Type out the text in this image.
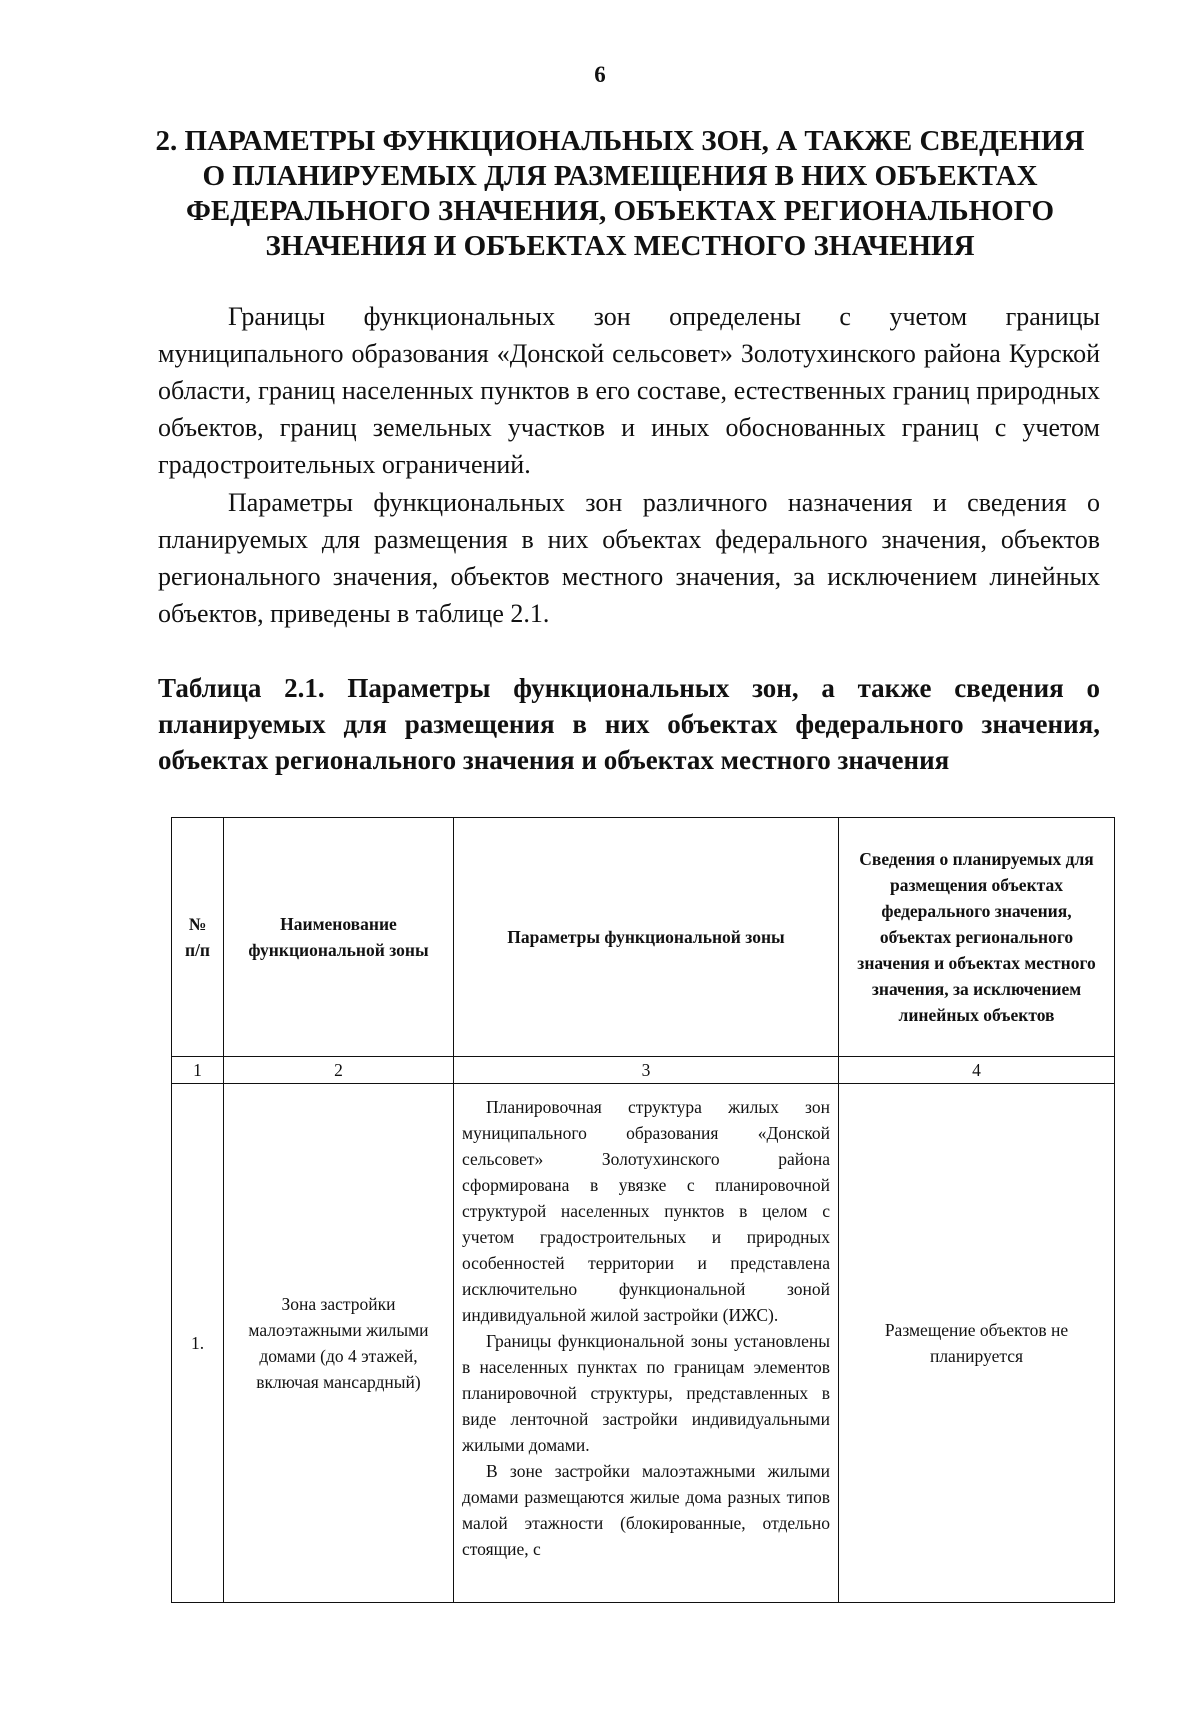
6
2. ПАРАМЕТРЫ ФУНКЦИОНАЛЬНЫХ ЗОН, А ТАКЖЕ СВЕДЕНИЯ
О ПЛАНИРУЕМЫХ ДЛЯ РАЗМЕЩЕНИЯ В НИХ ОБЪЕКТАХ
ФЕДЕРАЛЬНОГО ЗНАЧЕНИЯ, ОБЪЕКТАХ РЕГИОНАЛЬНОГО
ЗНАЧЕНИЯ И ОБЪЕКТАХ МЕСТНОГО ЗНАЧЕНИЯ

Границы функциональных зон определены с учетом границы муниципального образования «Донской сельсовет» Золотухинского района Курской области, границ населенных пунктов в его составе, естественных границ природных объектов, границ земельных участков и иных обоснованных границ с учетом градостроительных ограничений.

Параметры функциональных зон различного назначения и сведения о планируемых для размещения в них объектах федерального значения, объектов регионального значения, объектов местного значения, за исключением линейных объектов, приведены в таблице 2.1.

Таблица 2.1. Параметры функциональных зон, а также сведения о планируемых для размещения в них объектах федерального значения, объектах регионального значения и объектах местного значения

№ п/п	Наименование функциональной зоны	Параметры функциональной зоны	Сведения о планируемых для размещения объектах федерального значения, объектах регионального значения и объектах местного значения, за исключением линейных объектов
1	2	3	4
1.	Зона застройки малоэтажными жилыми домами (до 4 этажей, включая мансардный)	Планировочная структура жилых зон муниципального образования «Донской сельсовет» Золотухинского района сформирована в увязке с планировочной структурой населенных пунктов в целом с учетом градостроительных и природных особенностей территории и представлена исключительно функциональной зоной индивидуальной жилой застройки (ИЖС).

Границы функциональной зоны установлены в населенных пунктах по границам элементов планировочной структуры, представленных в виде ленточной застройки индивидуальными жилыми домами.

В зоне застройки малоэтажными жилыми домами размещаются жилые дома разных типов малой этажности (блокированные, отдельно стоящие, с	Размещение объектов не планируется
